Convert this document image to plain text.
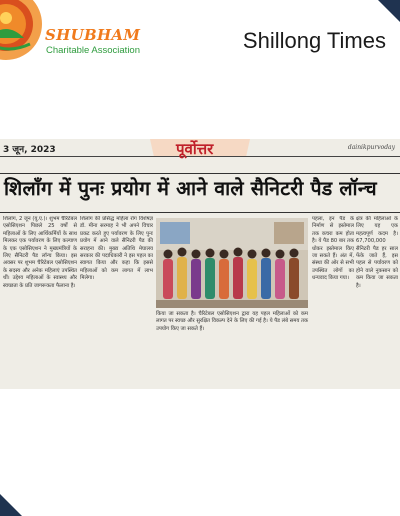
SHUBHAM
Charitable Association	Shillong Times
3 जून, 2023	पूर्वोत्तर	dainikpurvoday
शिलॉंग में पुनः प्रयोग में आने वाले सैनिटरी पैड लॉन्च
शिलांग, 2 जून (यू.ए.)। शुभम चैरिटेबल एसोसिएशन पिछले 25 वर्षों से महिलाओं के लिए आर्थिकर्मियों के साथ मिलकर एक पर्यावरण के लिए कल्याण के एक एसोसिएशन ने मुख्यमंत्रियों के लिए सैनिटरी पैड लॉन्च किया। इस अवसर पर शुभम चैरिटेबल एसोसिएशन के सदस्य और अनेक महिलाएं उपस्थित थीं। उद्देश्य महिलाओं के स्वास्थ्य और स्वच्छता के प्रति जागरूकता फैलाना है।
शिलांग की प्रसिद्ध महिला रोग विशेषज्ञ डॉ. मीना सरमाह ने भी अपने विचार प्रकट करते हुए पर्यावरण के लिए पुनः प्रयोग में आने वाले सैनिटरी पैड की सराहना की। मुख्य अतिथि मेघालय सरकार की पदाधिकारी ने इस पहल का स्वागत किया और कहा कि इससे महिलाओं को कम लागत में लाभ मिलेगा।
किया जा सकता है। चैरिटेबल एसोसिएशन द्वारा यह पहल महिलाओं को कम लागत पर स्वच्छ और सुरक्षित विकल्प देने के लिए की गई है। ये पैड लंबे समय तक उपयोग किए जा सकते हैं।
पहला, इन पैड के निर्माण से इस्तेमाल तक कचरा कम होता है। ये पैड 80 बार तक धोकर इस्तेमाल किए जा सकते हैं। अंत में, संस्था की ओर से सभी उपस्थित लोगों का धन्यवाद किया गया।
क्षेत्र की महिलाओं के लिए यह एक महत्वपूर्ण कदम है। 67,700,000 सैनिटरी पैड हर साल फेंके जाते हैं, इस पहल से पर्यावरण को होने वाले नुकसान को कम किया जा सकता है।
